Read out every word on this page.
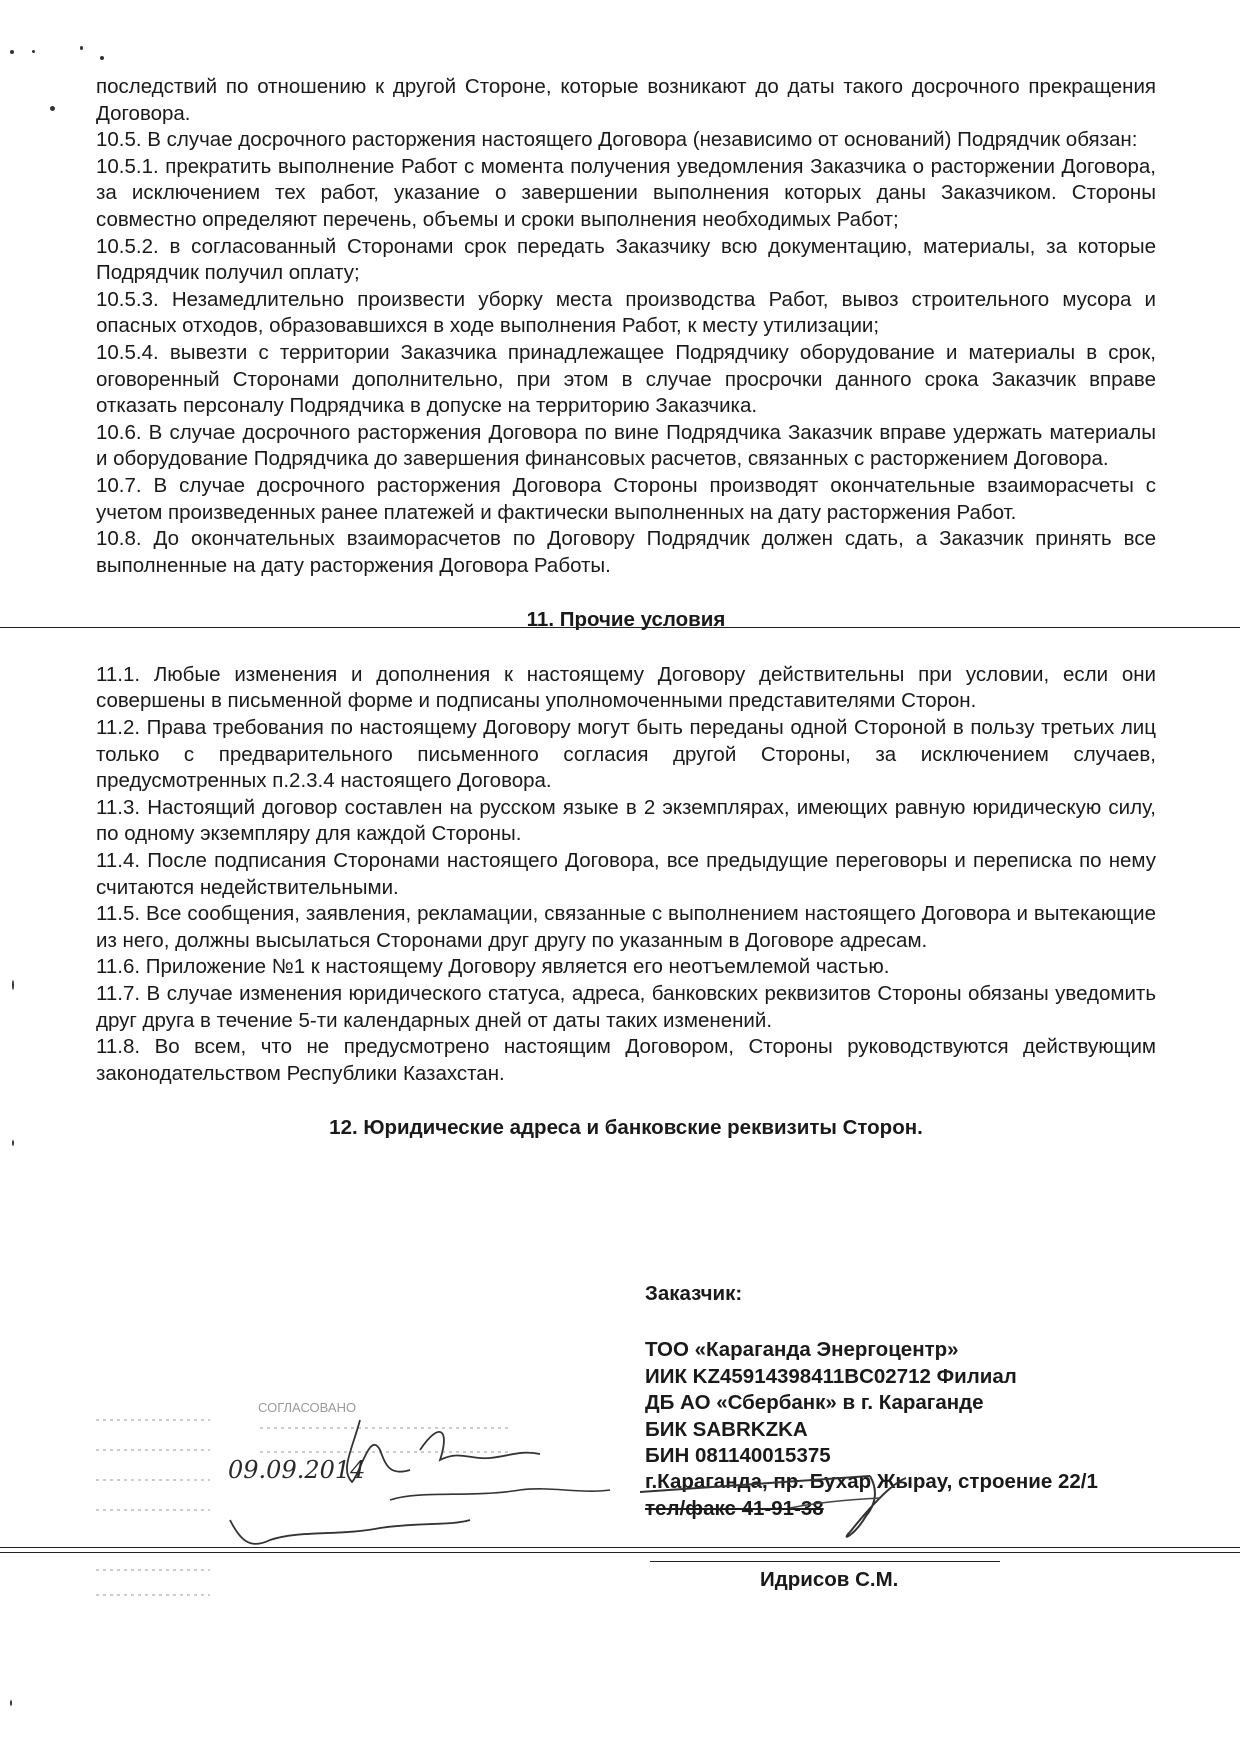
последствий по отношению к другой Стороне, которые возникают до даты такого досрочного прекращения Договора.

10.5. В случае досрочного расторжения настоящего Договора (независимо от оснований) Подрядчик обязан:

10.5.1. прекратить выполнение Работ с момента получения уведомления Заказчика о расторжении Договора, за исключением тех работ, указание о завершении выполнения которых даны Заказчиком. Стороны совместно определяют перечень, объемы и сроки выполнения необходимых Работ;

10.5.2. в согласованный Сторонами срок передать Заказчику всю документацию, материалы, за которые Подрядчик получил оплату;

10.5.3. Незамедлительно произвести уборку места производства Работ, вывоз строительного мусора и опасных отходов, образовавшихся в ходе выполнения Работ, к месту утилизации;

10.5.4. вывезти с территории Заказчика принадлежащее Подрядчику оборудование и материалы в срок, оговоренный Сторонами дополнительно, при этом в случае просрочки данного срока Заказчик вправе отказать персоналу Подрядчика в допуске на территорию Заказчика.

10.6. В случае досрочного расторжения Договора по вине Подрядчика Заказчик вправе удержать материалы и оборудование Подрядчика до завершения финансовых расчетов, связанных с расторжением Договора.

10.7. В случае досрочного расторжения Договора Стороны производят окончательные взаиморасчеты с учетом произведенных ранее платежей и фактически выполненных на дату расторжения Работ.

10.8. До окончательных взаиморасчетов по Договору Подрядчик должен сдать, а Заказчик принять все выполненные на дату расторжения Договора Работы.

11. Прочие условия

11.1. Любые изменения и дополнения к настоящему Договору действительны при условии, если они совершены в письменной форме и подписаны уполномоченными представителями Сторон.

11.2. Права требования по настоящему Договору могут быть переданы одной Стороной в пользу третьих лиц только с предварительного письменного согласия другой Стороны, за исключением случаев, предусмотренных п.2.3.4 настоящего Договора.

11.3. Настоящий договор составлен на русском языке в 2 экземплярах, имеющих равную юридическую силу, по одному экземпляру для каждой Стороны.

11.4. После подписания Сторонами настоящего Договора, все предыдущие переговоры и переписка по нему считаются недействительными.

11.5. Все сообщения, заявления, рекламации, связанные с выполнением настоящего Договора и вытекающие из него, должны высылаться Сторонами друг другу по указанным в Договоре адресам.

11.6. Приложение №1 к настоящему Договору является его неотъемлемой частью.

11.7. В случае изменения юридического статуса, адреса, банковских реквизитов Стороны обязаны уведомить друг друга в течение 5-ти календарных дней от даты таких изменений.

11.8. Во всем, что не предусмотрено настоящим Договором, Стороны руководствуются действующим законодательством Республики Казахстан.

12. Юридические адреса и банковские реквизиты Сторон.

Заказчик:
ТОО «Караганда Энергоцентр»
ИИК KZ45914398411BC02712 Филиал
ДБ АО «Сбербанк» в г. Караганде
БИК SABRKZKA
БИН 081140015375
г.Караганда, пр. Бухар Жырау, строение 22/1
тел/факс 41-91-38
Идрисов С.М.
СОГЛАСОВАНО
09.09.2014
